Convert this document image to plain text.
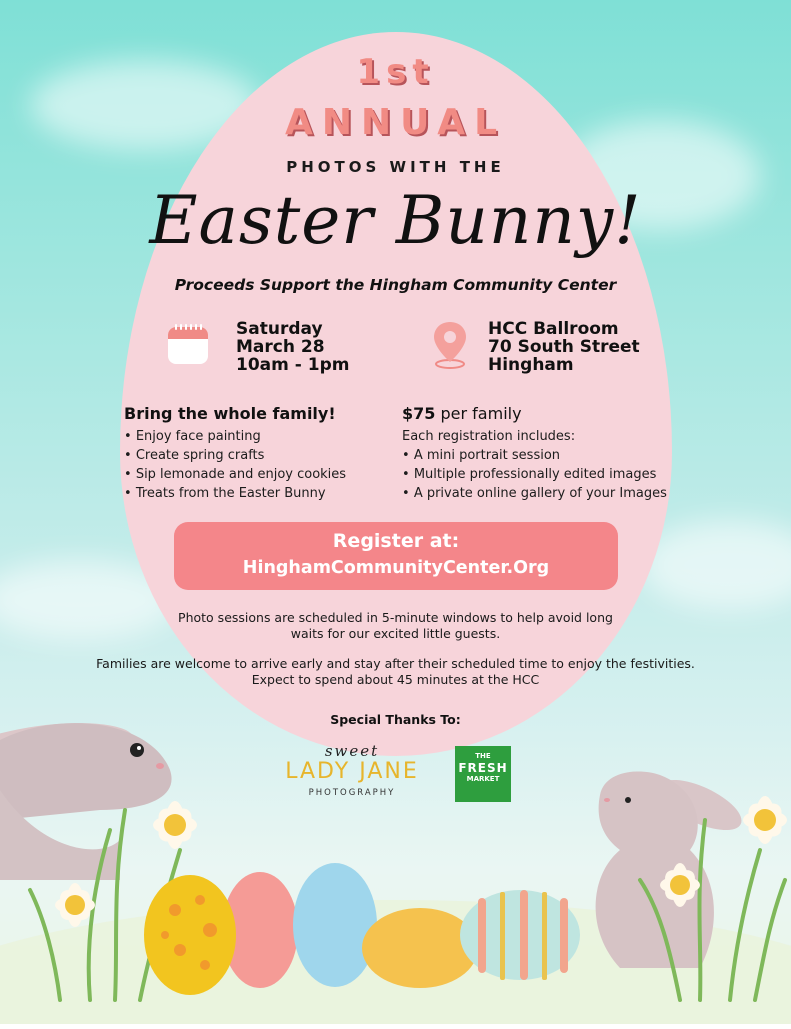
1st
ANNUAL
PHOTOS WITH THE
Easter Bunny!
Proceeds Support the Hingham Community Center
Saturday
March 28
10am - 1pm
HCC Ballroom
70 South Street
Hingham
Bring the whole family!
• Enjoy face painting
• Create spring crafts
• Sip lemonade and enjoy cookies
• Treats from the Easter Bunny
$75 per family
Each registration includes:
• A mini portrait session
• Multiple professionally edited images
• A private online gallery of your Images
Register at:
HinghamCommunityCenter.Org
Photo sessions are scheduled in 5-minute windows to help avoid long
waits for our excited little guests.
Families are welcome to arrive early and stay after their scheduled time to enjoy the festivities.
Expect to spend about 45 minutes at the HCC
Special Thanks To:
sweet
LADY JANE
PHOTOGRAPHY
THE
FRESH
MARKET
